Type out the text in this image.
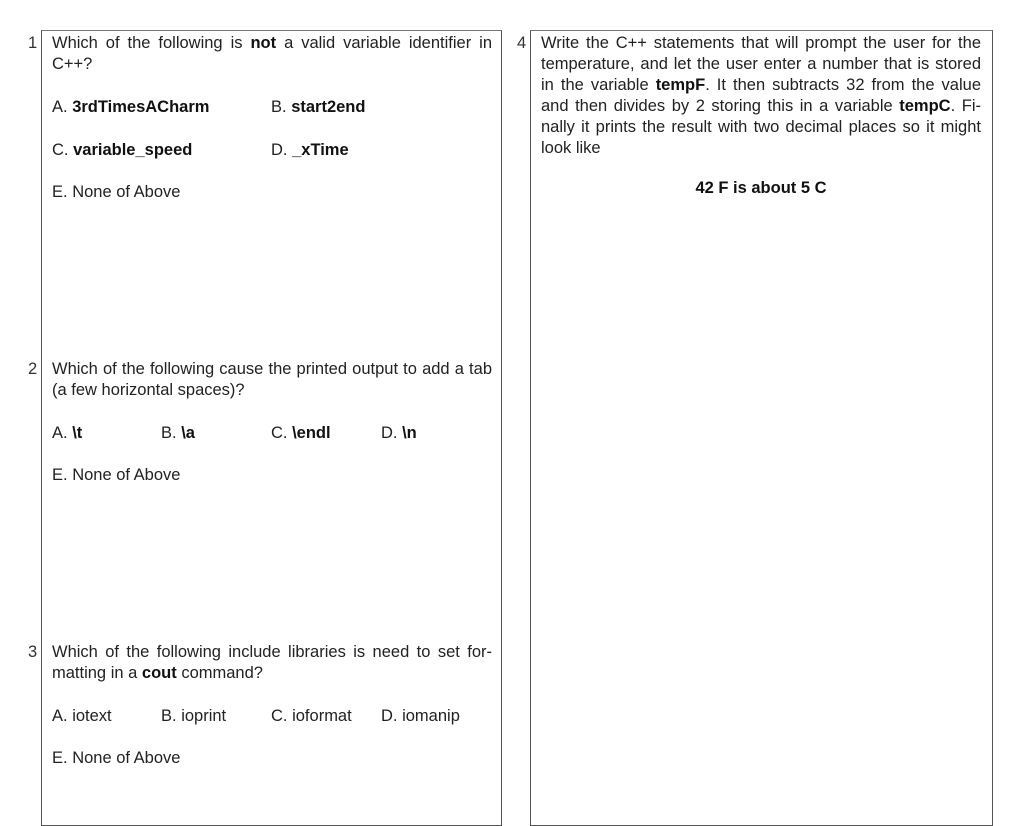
1 Which of the following is not a valid variable identifier in C++?
A. 3rdTimesACharm	B. start2end
C. variable_speed	D. _xTime
E. None of Above
2 Which of the following cause the printed output to add a tab (a few horizontal spaces)?
A. \t	B. \a	C. \endl	D. \n
E. None of Above
3 Which of the following include libraries is need to set for-matting in a cout command?
A. iotext	B. ioprint	C. ioformat D. iomanip
E. None of Above
4 Write the C++ statements that will prompt the user for the temperature, and let the user enter a number that is stored in the variable tempF. It then subtracts 32 from the value and then divides by 2 storing this in a variable tempC. Fi-nally it prints the result with two decimal places so it might look like
42 F is about 5 C
